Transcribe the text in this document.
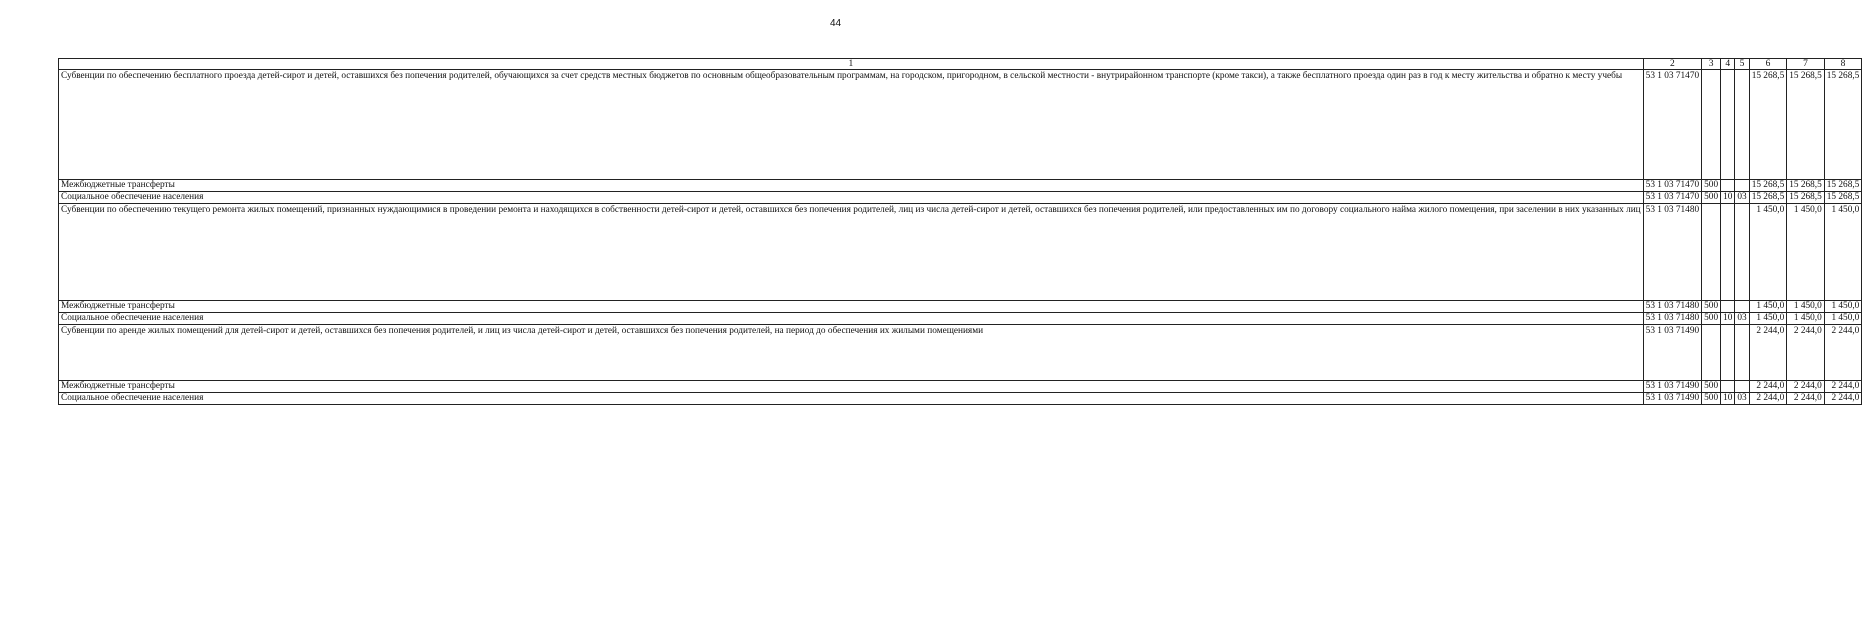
44
1	2	3	4	5	6	7	8
Субвенции по обеспечению бесплатного проезда детей-сирот и детей, оставшихся без попечения родителей, обучающихся за счет средств местных бюджетов по основным общеобразовательным программам, на городском, пригородном, в сельской местности - внутрирайонном транспорте (кроме такси), а также бесплатного проезда один раз в год к месту жительства и обратно к месту учебы	53 1 03 71470				15 268,5	15 268,5	15 268,5
Межбюджетные трансферты	53 1 03 71470	500			15 268,5	15 268,5	15 268,5
Социальное обеспечение населения	53 1 03 71470	500	10	03	15 268,5	15 268,5	15 268,5
Субвенции по обеспечению текущего ремонта жилых помещений, признанных нуждающимися в проведении ремонта и находящихся в собственности детей-сирот и детей, оставшихся без попечения родителей, лиц из числа детей-сирот и детей, оставшихся без попечения родителей, или предоставленных им по договору социального найма жилого помещения, при заселении в них указанных лиц	53 1 03 71480				1 450,0	1 450,0	1 450,0
Межбюджетные трансферты	53 1 03 71480	500			1 450,0	1 450,0	1 450,0
Социальное обеспечение населения	53 1 03 71480	500	10	03	1 450,0	1 450,0	1 450,0
Субвенции по аренде жилых помещений для детей-сирот и детей, оставшихся без попечения родителей, и лиц из числа детей-сирот и детей, оставшихся без попечения родителей, на период до обеспечения их жилыми помещениями	53 1 03 71490				2 244,0	2 244,0	2 244,0
Межбюджетные трансферты	53 1 03 71490	500			2 244,0	2 244,0	2 244,0
Социальное обеспечение населения	53 1 03 71490	500	10	03	2 244,0	2 244,0	2 244,0
